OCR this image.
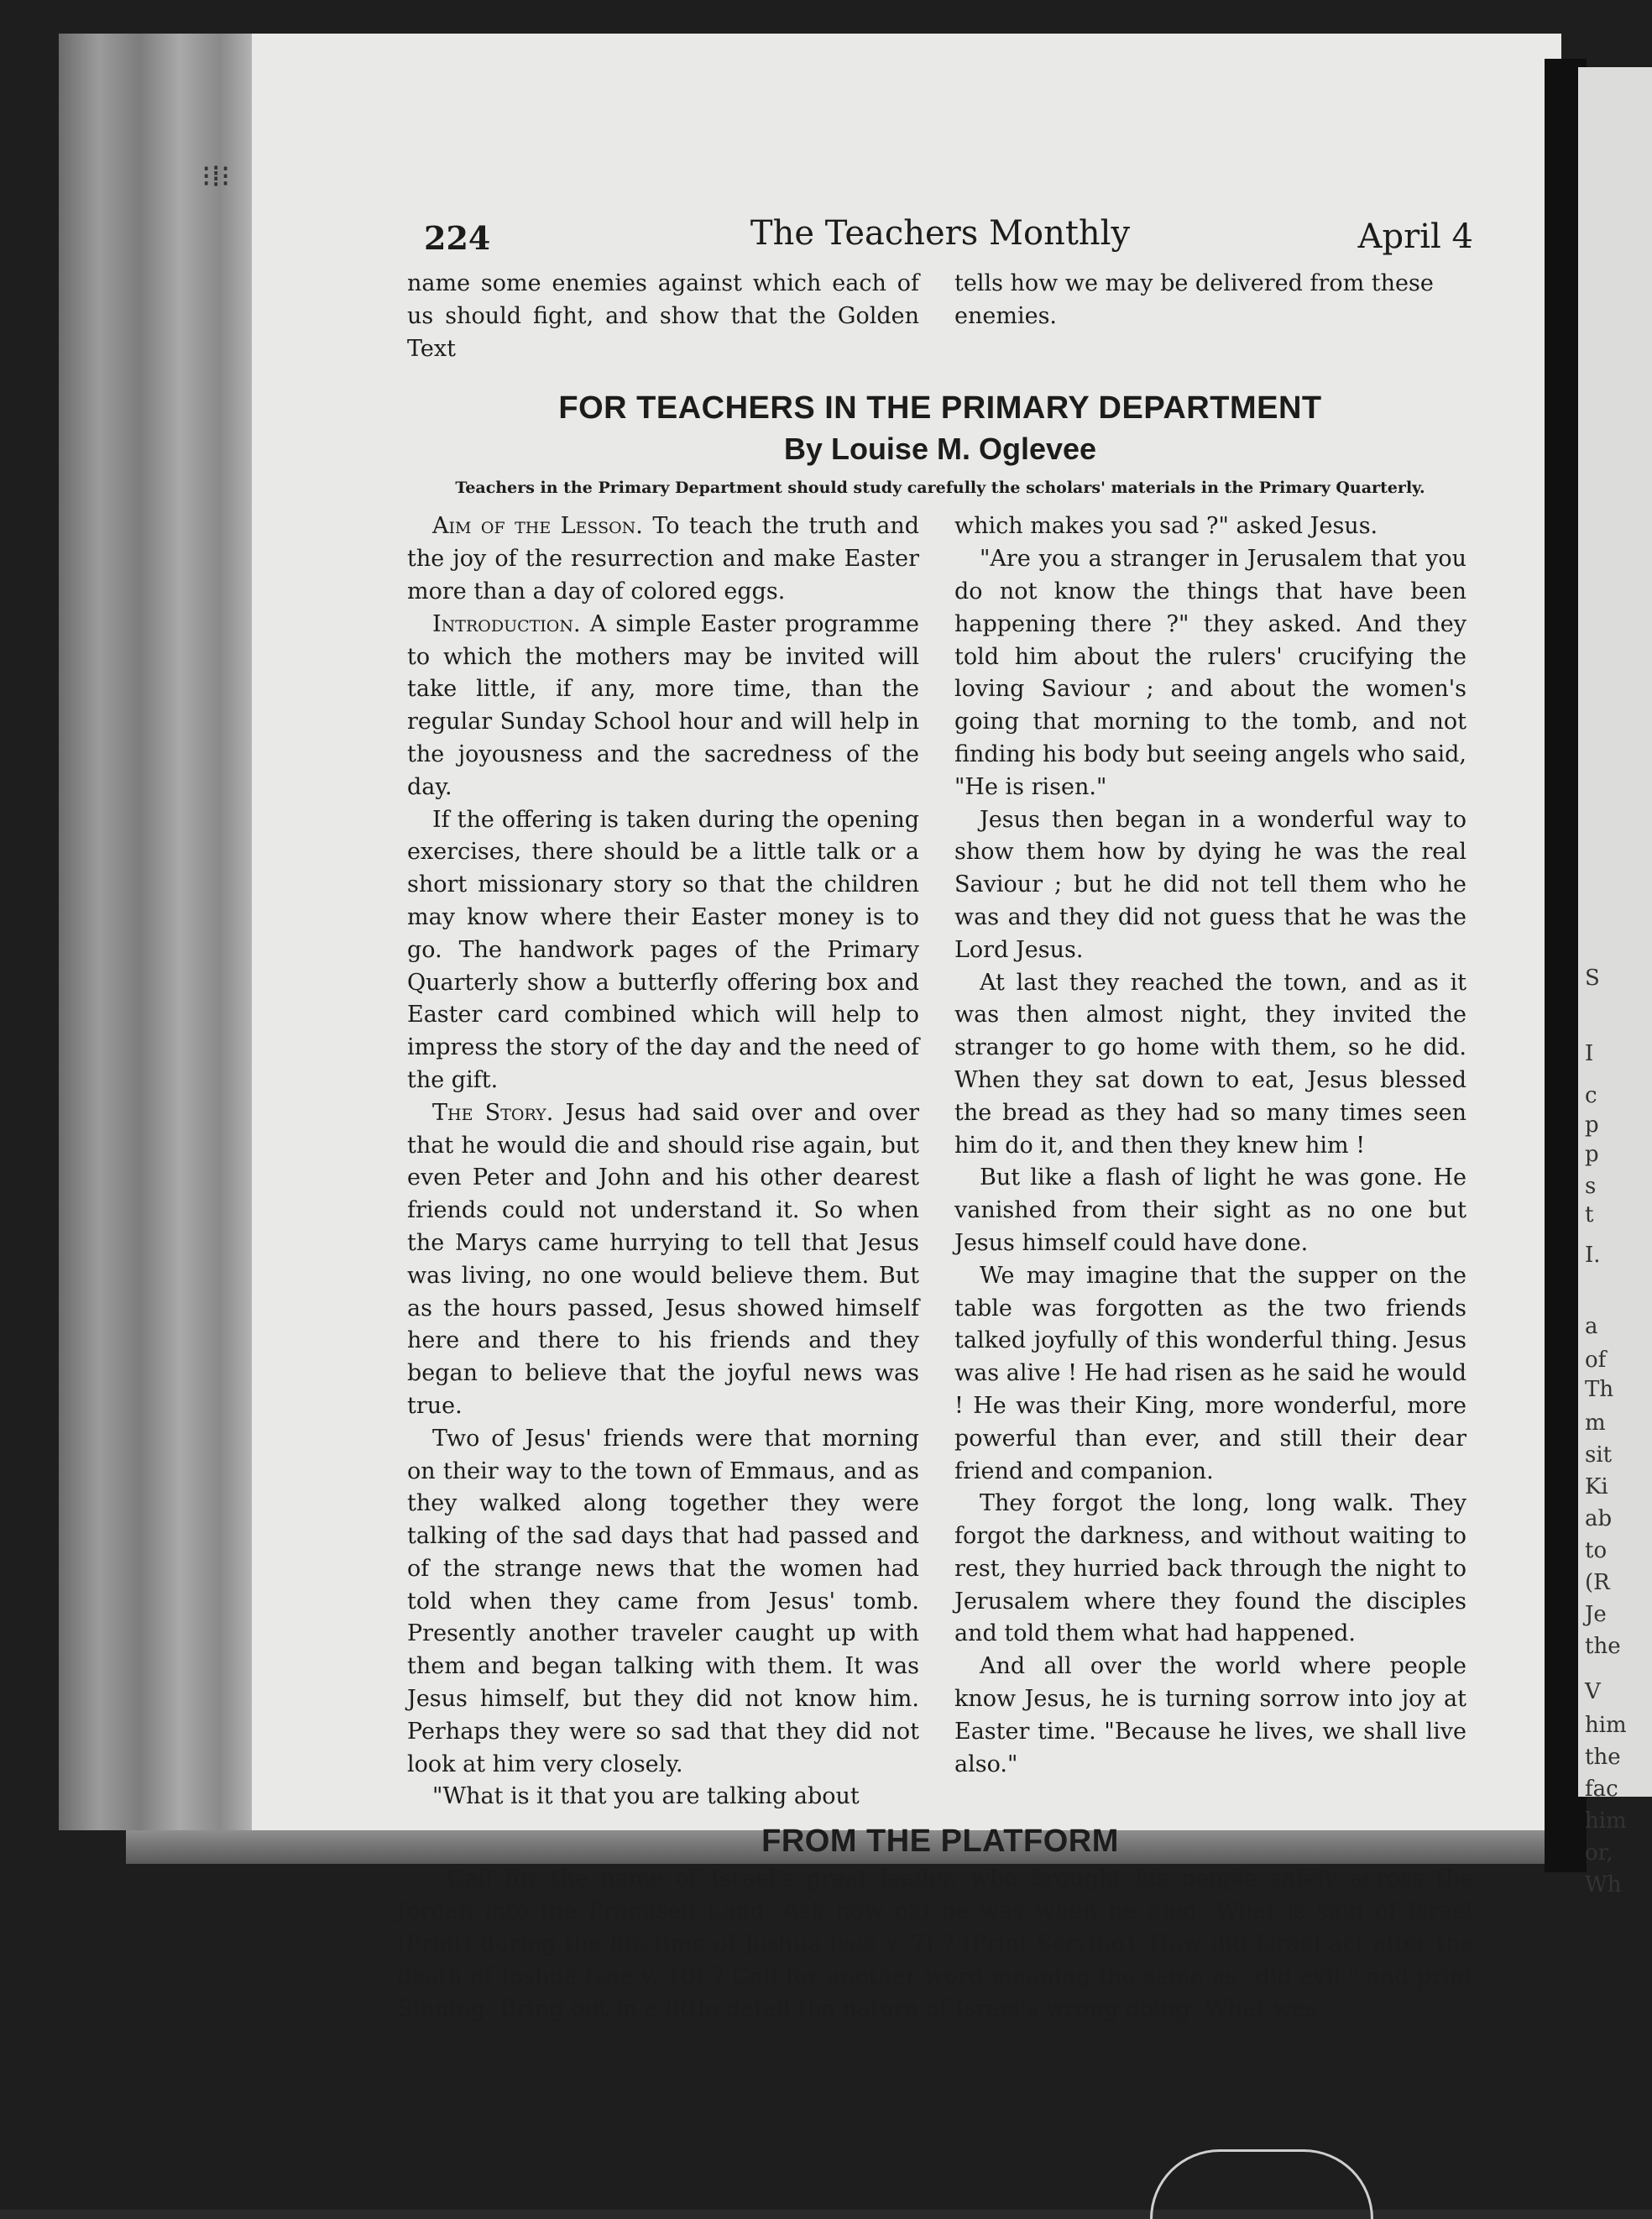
⁝⁞⁝
S
I
c
p
p
s
t
I.
a
of
Th
m
sit
Ki
ab
to
(R
Je
the
V
him
the
fac
him
or,
Wh
224	The Teachers Monthly	April 4

name some enemies against which each of us should fight, and show that the Golden Text

tells how we may be delivered from these enemies.

FOR TEACHERS IN THE PRIMARY DEPARTMENT
By Louise M. Oglevee
Teachers in the Primary Department should study carefully the scholars' materials in the Primary Quarterly.

Aim of the Lesson. To teach the truth and the joy of the resurrection and make Easter more than a day of colored eggs.

Introduction. A simple Easter programme to which the mothers may be invited will take little, if any, more time, than the regular Sunday School hour and will help in the joyousness and the sacredness of the day.

If the offering is taken during the opening exercises, there should be a little talk or a short missionary story so that the children may know where their Easter money is to go. The handwork pages of the Primary Quarterly show a butterfly offering box and Easter card combined which will help to impress the story of the day and the need of the gift.

The Story. Jesus had said over and over that he would die and should rise again, but even Peter and John and his other dearest friends could not understand it. So when the Marys came hurrying to tell that Jesus was living, no one would believe them. But as the hours passed, Jesus showed himself here and there to his friends and they began to believe that the joyful news was true.

Two of Jesus' friends were that morning on their way to the town of Emmaus, and as they walked along together they were talking of the sad days that had passed and of the strange news that the women had told when they came from Jesus' tomb. Presently another traveler caught up with them and began talking with them. It was Jesus himself, but they did not know him. Perhaps they were so sad that they did not look at him very closely.

"What is it that you are talking about

which makes you sad ?" asked Jesus.

"Are you a stranger in Jerusalem that you do not know the things that have been happening there ?" they asked. And they told him about the rulers' crucifying the loving Saviour ; and about the women's going that morning to the tomb, and not finding his body but seeing angels who said, "He is risen."

Jesus then began in a wonderful way to show them how by dying he was the real Saviour ; but he did not tell them who he was and they did not guess that he was the Lord Jesus.

At last they reached the town, and as it was then almost night, they invited the stranger to go home with them, so he did. When they sat down to eat, Jesus blessed the bread as they had so many times seen him do it, and then they knew him !

But like a flash of light he was gone. He vanished from their sight as no one but Jesus himself could have done.

We may imagine that the supper on the table was forgotten as the two friends talked joyfully of this wonderful thing. Jesus was alive ! He had risen as he said he would ! He was their King, more wonderful, more powerful than ever, and still their dear friend and companion.

They forgot the long, long walk. They forgot the darkness, and without waiting to rest, they hurried back through the night to Jerusalem where they found the disciples and told them what had happened.

And all over the world where people know Jesus, he is turning sorrow into joy at Easter time. "Because he lives, we shall live also."

FROM THE PLATFORM

Call for the name of Israel's great leader, who brought his people safely across the Jordan into the Promised Land. Ask how old he was when he died. What is said of Israel (Print) during the life time of Joshua (see v. 7) ? (Print Serving). How did Israel act after the death of Joshua (see v. 10) ? Call for another word meaning the same as "did evil," and print Sinning. Bring out in a little detail the nature of Israel's wrong doing. What was
